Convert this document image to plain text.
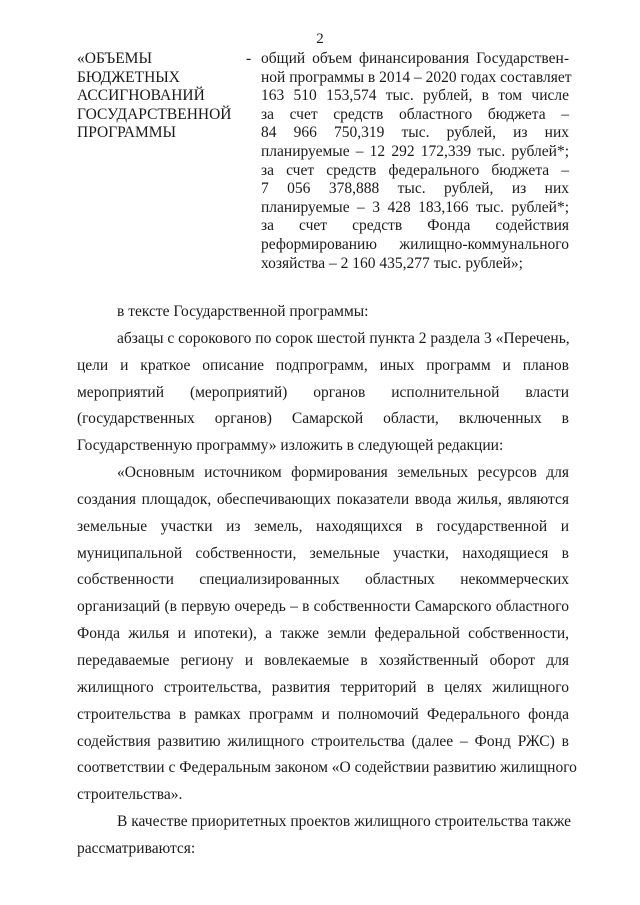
2
«ОБЪЕМЫ
БЮДЖЕТНЫХ
АССИГНОВАНИЙ
ГОСУДАРСТВЕННОЙ
ПРОГРАММЫ
- общий объем финансирования Государствен-
ной программы в 2014 – 2020 годах составляет
163 510 153,574 тыс. рублей, в том числе
за счет средств областного бюджета –
84 966 750,319 тыс. рублей, из них
планируемые – 12 292 172,339 тыс. рублей*;
за счет средств федерального бюджета –
7 056 378,888 тыс. рублей, из них
планируемые – 3 428 183,166 тыс. рублей*;
за счет средств Фонда содействия
реформированию жилищно-коммунального
хозяйства – 2 160 435,277 тыс. рублей»;
в тексте Государственной программы:
абзацы с сорокового по сорок шестой пункта 2 раздела 3 «Перечень,
цели и краткое описание подпрограмм, иных программ и планов
мероприятий (мероприятий) органов исполнительной власти
(государственных органов) Самарской области, включенных в
Государственную программу» изложить в следующей редакции:
«Основным источником формирования земельных ресурсов для
создания площадок, обеспечивающих показатели ввода жилья, являются
земельные участки из земель, находящихся в государственной и
муниципальной собственности, земельные участки, находящиеся в
собственности специализированных областных некоммерческих
организаций (в первую очередь – в собственности Самарского областного
Фонда жилья и ипотеки), а также земли федеральной собственности,
передаваемые региону и вовлекаемые в хозяйственный оборот для
жилищного строительства, развития территорий в целях жилищного
строительства в рамках программ и полномочий Федерального фонда
содействия развитию жилищного строительства (далее – Фонд РЖС) в
соответствии с Федеральным законом «О содействии развитию жилищного
строительства».
В качестве приоритетных проектов жилищного строительства также
рассматриваются:
